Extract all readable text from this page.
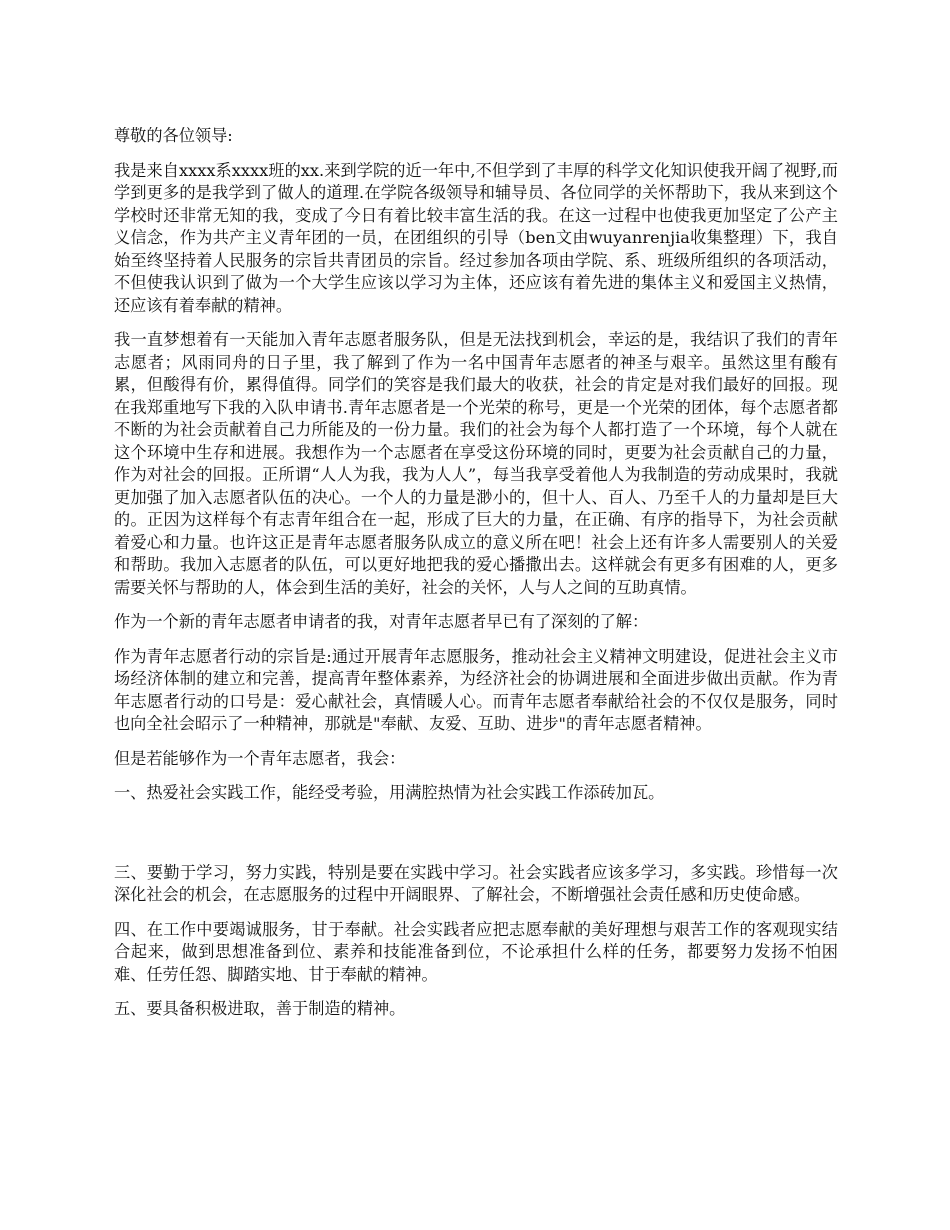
尊敬的各位领导:

我是来自xxxx系xxxx班的xx.来到学院的近一年中,不但学到了丰厚的科学文化知识使我开阔了视野,而学到更多的是我学到了做人的道理.在学院各级领导和辅导员、各位同学的关怀帮助下，我从来到这个学校时还非常无知的我，变成了今日有着比较丰富生活的我。在这一过程中也使我更加坚定了公产主义信念，作为共产主义青年团的一员，在团组织的引导（ben文由wuyanrenjia收集整理）下，我自始至终坚持着人民服务的宗旨共青团员的宗旨。经过参加各项由学院、系、班级所组织的各项活动，不但使我认识到了做为一个大学生应该以学习为主体，还应该有着先进的集体主义和爱国主义热情，还应该有着奉献的精神。

我一直梦想着有一天能加入青年志愿者服务队，但是无法找到机会，幸运的是，我结识了我们的青年志愿者；风雨同舟的日子里，我了解到了作为一名中国青年志愿者的神圣与艰辛。虽然这里有酸有累，但酸得有价，累得值得。同学们的笑容是我们最大的收获，社会的肯定是对我们最好的回报。现在我郑重地写下我的入队申请书.青年志愿者是一个光荣的称号，更是一个光荣的团体，每个志愿者都不断的为社会贡献着自己力所能及的一份力量。我们的社会为每个人都打造了一个环境，每个人就在这个环境中生存和进展。我想作为一个志愿者在享受这份环境的同时，更要为社会贡献自己的力量，作为对社会的回报。正所谓“人人为我，我为人人”，每当我享受着他人为我制造的劳动成果时，我就更加强了加入志愿者队伍的决心。一个人的力量是渺小的，但十人、百人、乃至千人的力量却是巨大的。正因为这样每个有志青年组合在一起，形成了巨大的力量，在正确、有序的指导下，为社会贡献着爱心和力量。也许这正是青年志愿者服务队成立的意义所在吧！社会上还有许多人需要别人的关爱和帮助。我加入志愿者的队伍，可以更好地把我的爱心播撒出去。这样就会有更多有困难的人，更多需要关怀与帮助的人，体会到生活的美好，社会的关怀，人与人之间的互助真情。

作为一个新的青年志愿者申请者的我，对青年志愿者早已有了深刻的了解：

作为青年志愿者行动的宗旨是:通过开展青年志愿服务，推动社会主义精神文明建设，促进社会主义市场经济体制的建立和完善，提高青年整体素养，为经济社会的协调进展和全面进步做出贡献。作为青年志愿者行动的口号是：爱心献社会，真情暖人心。而青年志愿者奉献给社会的不仅仅是服务，同时也向全社会昭示了一种精神，那就是"奉献、友爱、互助、进步"的青年志愿者精神。

但是若能够作为一个青年志愿者，我会：

一、热爱社会实践工作，能经受考验，用满腔热情为社会实践工作添砖加瓦。

三、要勤于学习，努力实践，特别是要在实践中学习。社会实践者应该多学习，多实践。珍惜每一次深化社会的机会，在志愿服务的过程中开阔眼界、了解社会，不断增强社会责任感和历史使命感。

四、在工作中要竭诚服务，甘于奉献。社会实践者应把志愿奉献的美好理想与艰苦工作的客观现实结合起来，做到思想准备到位、素养和技能准备到位，不论承担什么样的任务，都要努力发扬不怕困难、任劳任怨、脚踏实地、甘于奉献的精神。

五、要具备积极进取，善于制造的精神。
